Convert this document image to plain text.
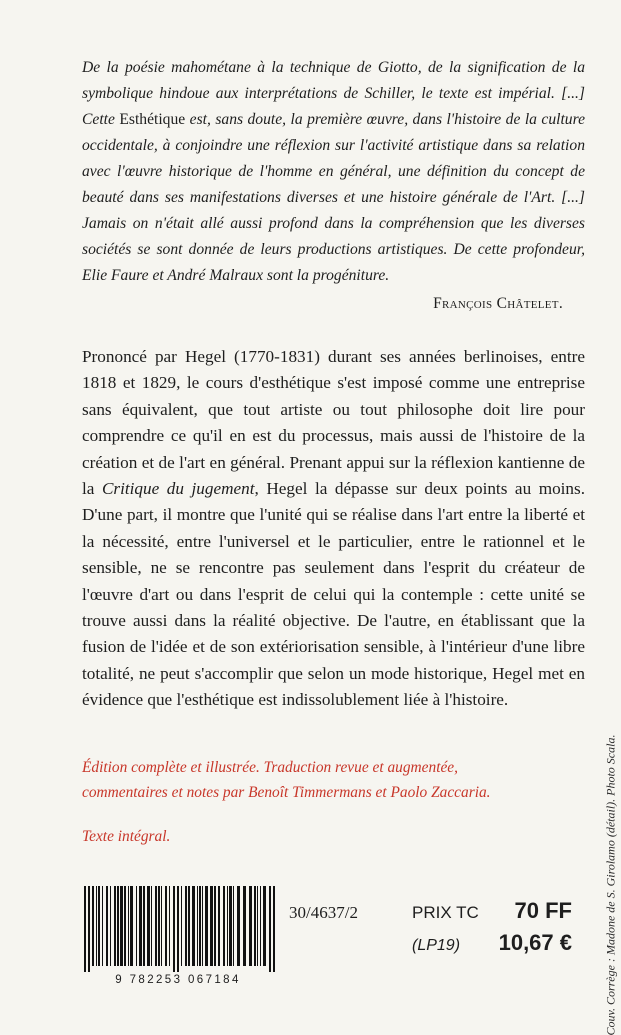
De la poésie mahométane à la technique de Giotto, de la signification de la symbolique hindoue aux interprétations de Schiller, le texte est impérial. [...] Cette Esthétique est, sans doute, la première œuvre, dans l'histoire de la culture occidentale, à conjoindre une réflexion sur l'activité artistique dans sa relation avec l'œuvre historique de l'homme en général, une définition du concept de beauté dans ses manifestations diverses et une histoire générale de l'Art. [...] Jamais on n'était allé aussi profond dans la compréhension que les diverses sociétés se sont donnée de leurs productions artistiques. De cette profondeur, Elie Faure et André Malraux sont la progéniture.

François Châtelet.

Prononcé par Hegel (1770-1831) durant ses années berlinoises, entre 1818 et 1829, le cours d'esthétique s'est imposé comme une entreprise sans équivalent, que tout artiste ou tout philosophe doit lire pour comprendre ce qu'il en est du processus, mais aussi de l'histoire de la création et de l'art en général. Prenant appui sur la réflexion kantienne de la Critique du jugement, Hegel la dépasse sur deux points au moins. D'une part, il montre que l'unité qui se réalise dans l'art entre la liberté et la nécessité, entre l'universel et le particulier, entre le rationnel et le sensible, ne se rencontre pas seulement dans l'esprit du créateur de l'œuvre d'art ou dans l'esprit de celui qui la contemple : cette unité se trouve aussi dans la réalité objective. De l'autre, en établissant que la fusion de l'idée et de son extériorisation sensible, à l'intérieur d'une libre totalité, ne peut s'accomplir que selon un mode historique, Hegel met en évidence que l'esthétique est indissolublement liée à l'histoire.

Édition complète et illustrée. Traduction revue et augmentée,
commentaires et notes par Benoît Timmermans et Paolo Zaccaria.
Texte intégral.	Couv. Corrège : Madone de S. Girolamo (détail). Photo Scala.
9 782253 067184
30/4637/2	PRIX TC 70 FF
(LP19) 10,67 €
